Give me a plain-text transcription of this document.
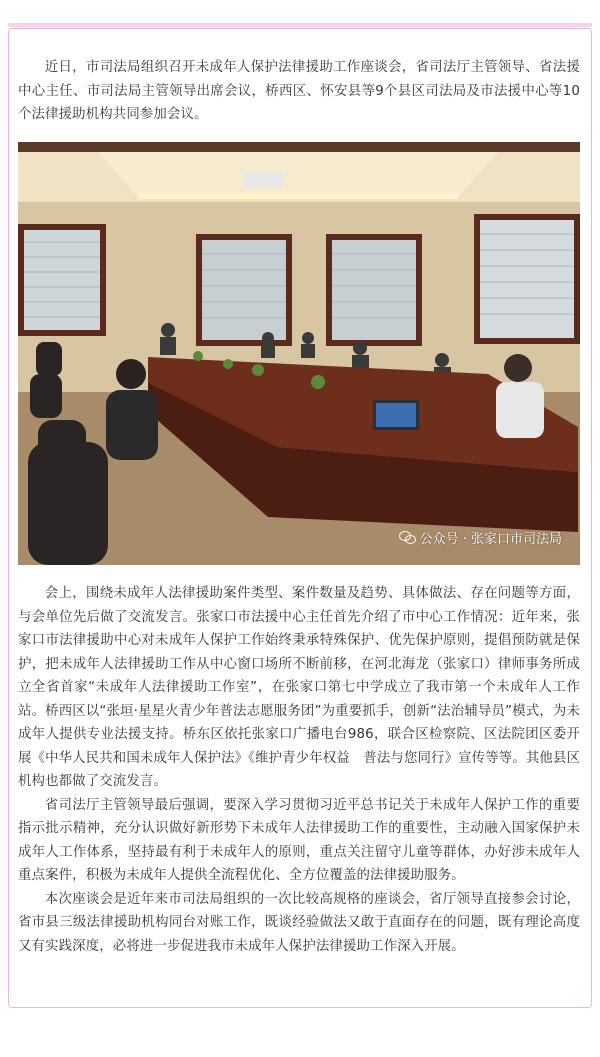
近日，市司法局组织召开未成年人保护法律援助工作座谈会，省司法厅主管领导、省法援中心主任、市司法局主管领导出席会议，桥西区、怀安县等9个县区司法局及市法援中心等10个法律援助机构共同参加会议。

公众号 · 张家口市司法局

会上，围绕未成年人法律援助案件类型、案件数量及趋势、具体做法、存在问题等方面，与会单位先后做了交流发言。张家口市法援中心主任首先介绍了市中心工作情况：近年来，张家口市法律援助中心对未成年人保护工作始终秉承特殊保护、优先保护原则，提倡预防就是保护，把未成年人法律援助工作从中心窗口场所不断前移，在河北海龙（张家口）律师事务所成立全省首家“未成年人法律援助工作室”，在张家口第七中学成立了我市第一个未成年人工作站。桥西区以“张垣·星星火青少年普法志愿服务团”为重要抓手，创新“法治辅导员”模式，为未成年人提供专业法援支持。桥东区依托张家口广播电台986，联合区检察院、区法院团区委开展《中华人民共和国未成年人保护法》《维护青少年权益　普法与您同行》宣传等等。其他县区机构也都做了交流发言。

省司法厅主管领导最后强调，要深入学习贯彻习近平总书记关于未成年人保护工作的重要指示批示精神，充分认识做好新形势下未成年人法律援助工作的重要性，主动融入国家保护未成年人工作体系，坚持最有利于未成年人的原则，重点关注留守儿童等群体，办好涉未成年人重点案件，积极为未成年人提供全流程优化、全方位覆盖的法律援助服务。

本次座谈会是近年来市司法局组织的一次比较高规格的座谈会，省厅领导直接参会讨论，省市县三级法律援助机构同台对账工作，既谈经验做法又敢于直面存在的问题，既有理论高度又有实践深度，必将进一步促进我市未成年人保护法律援助工作深入开展。
